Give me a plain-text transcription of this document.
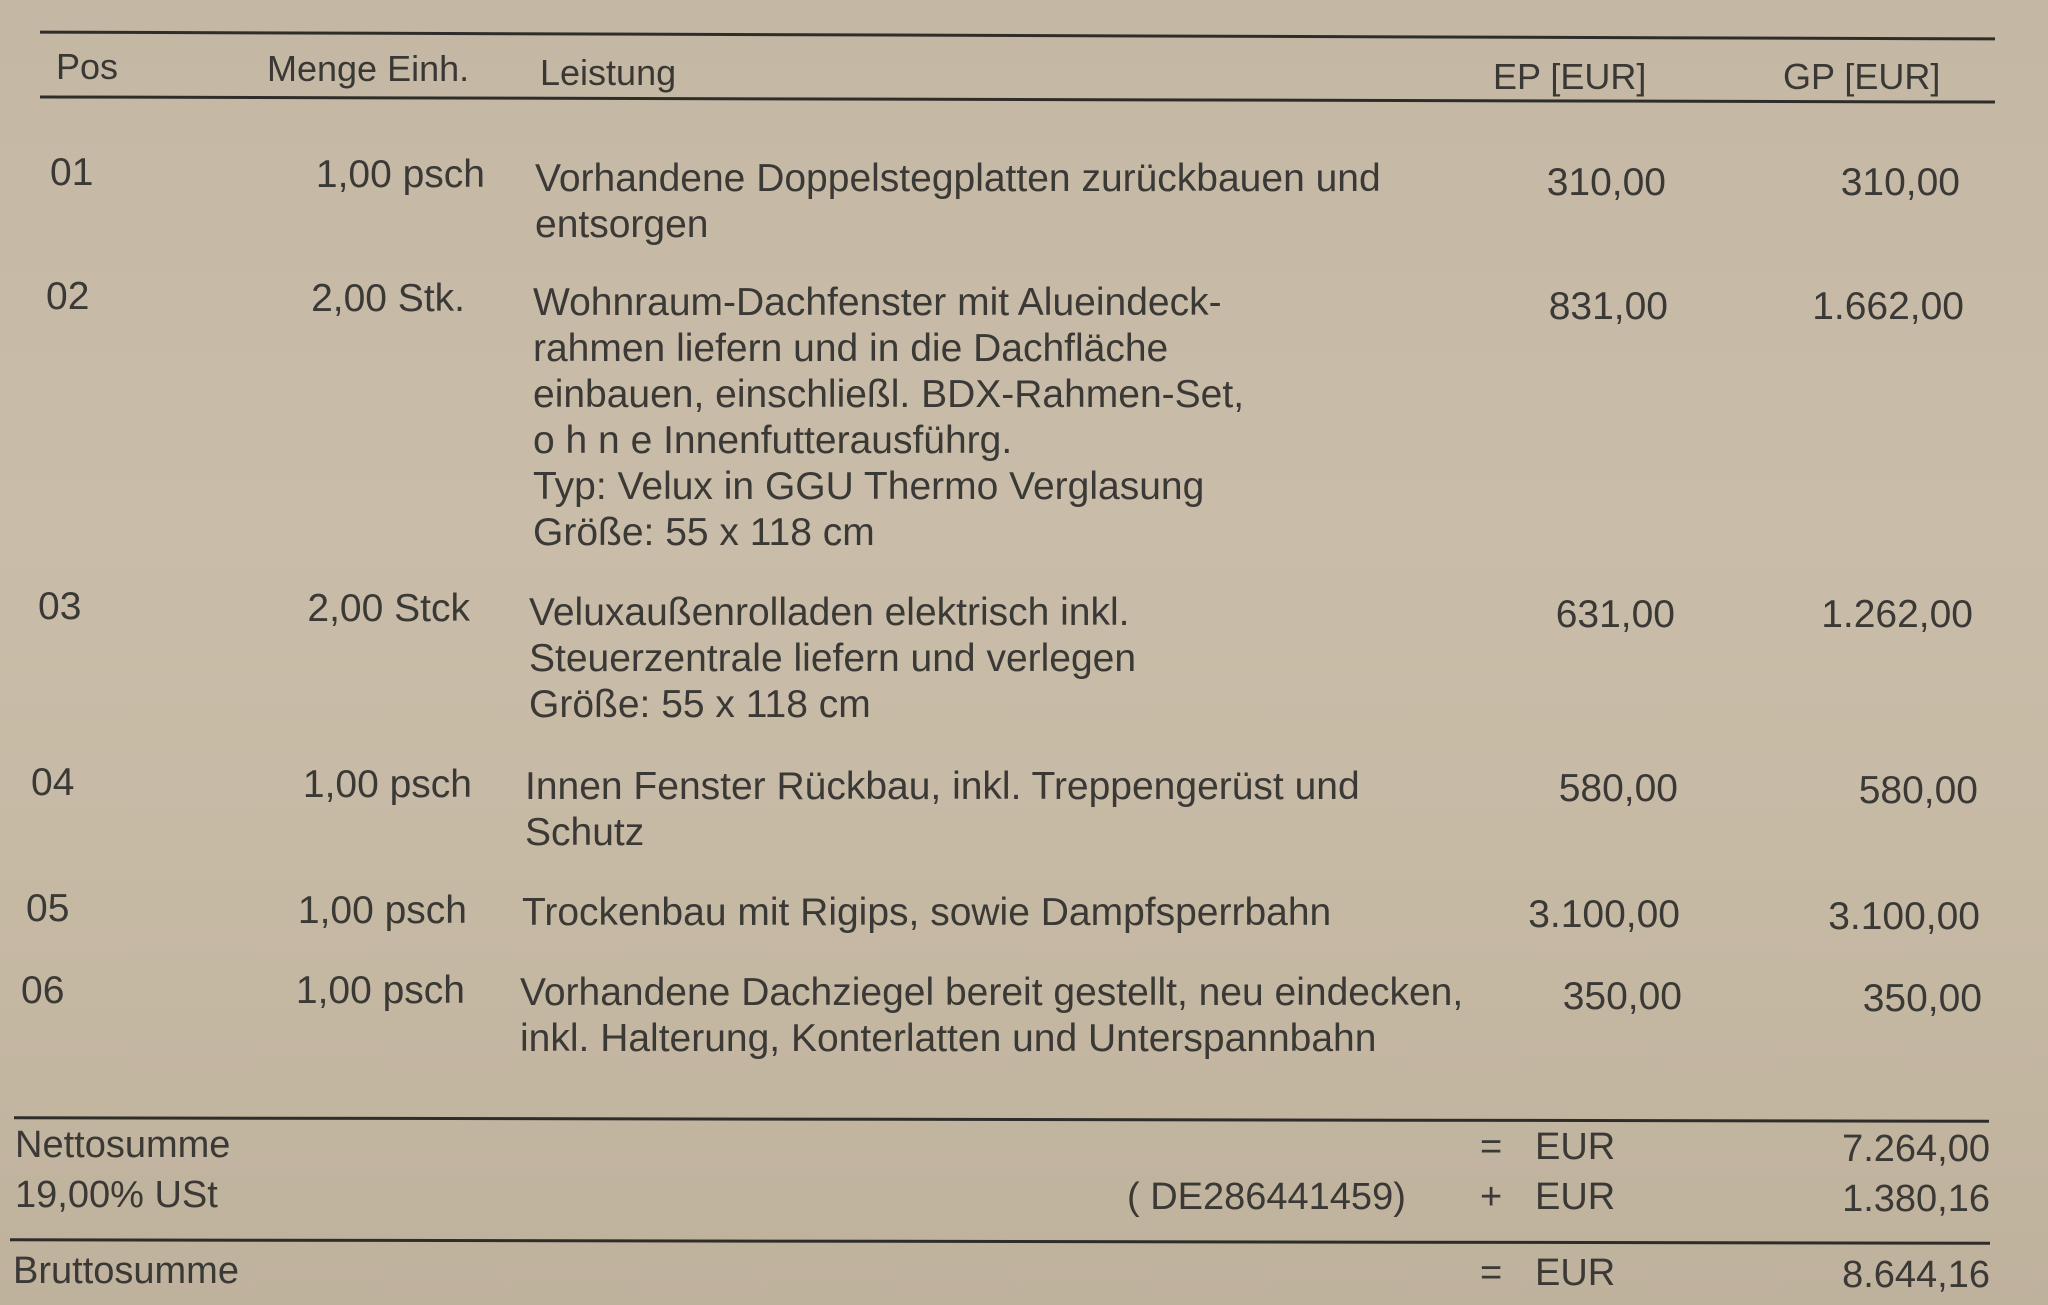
Pos	Menge Einh. Leistung	EP [EUR]	GP [EUR]
01	1,00 psch Vorhandene Doppelstegplatten zurückbauen und
entsorgen
310,00	310,00
02	2,00 Stk. Wohnraum-Dachfenster mit Alueindeck-
rahmen liefern und in die Dachfläche
einbauen, einschließl. BDX-Rahmen-Set,
o h n e Innenfutterausführg.
Typ: Velux in GGU Thermo Verglasung
Größe: 55 x 118 cm
831,00	1.662,00
03	2,00 Stck Veluxaußenrolladen elektrisch inkl.
Steuerzentrale liefern und verlegen
Größe: 55 x 118 cm
631,00	1.262,00
04	1,00 psch Innen Fenster Rückbau, inkl. Treppengerüst und
Schutz
580,00	580,00
05	1,00 psch Trockenbau mit Rigips, sowie Dampfsperrbahn	3.100,00	3.100,00
06	1,00 psch Vorhandene Dachziegel bereit gestellt, neu eindecken,
inkl. Halterung, Konterlatten und Unterspannbahn
350,00	350,00
Nettosumme	= EUR	7.264,00
19,00% USt	( DE286441459) + EUR	1.380,16
Bruttosumme	= EUR	8.644,16
